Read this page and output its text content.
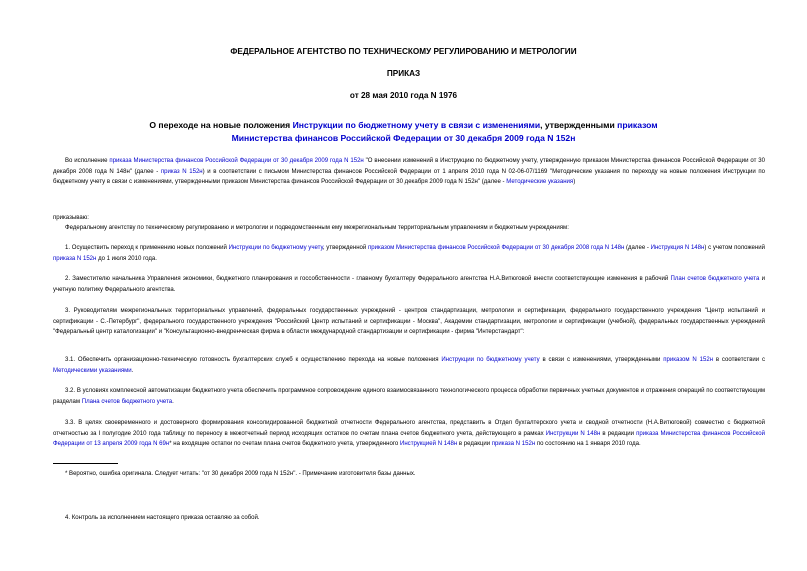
ФЕДЕРАЛЬНОЕ АГЕНТСТВО ПО ТЕХНИЧЕСКОМУ РЕГУЛИРОВАНИЮ И МЕТРОЛОГИИ
ПРИКАЗ
от 28 мая 2010 года N 1976
О переходе на новые положения Инструкции по бюджетному учету в связи с изменениями, утвержденными приказом Министерства финансов Российской Федерации от 30 декабря 2009 года N 152н
Во исполнение приказа Министерства финансов Российской Федерации от 30 декабря 2009 года N 152н "О внесении изменений в Инструкцию по бюджетному учету, утвержденную приказом Министерства финансов Российской Федерации от 30 декабря 2008 года N 148н" (далее - приказ N 152н) и в соответствии с письмом Министерства финансов Российской Федерации от 1 апреля 2010 года N 02-06-07/1169 "Методические указания по переходу на новые положения Инструкции по бюджетному учету в связи с изменениями, утвержденными приказом Министерства финансов Российской Федерации от 30 декабря 2009 года N 152н" (далее - Методические указания)
приказываю:
Федеральному агентству по техническому регулированию и метрологии и подведомственным ему межрегиональным территориальным управлениям и бюджетным учреждениям:
1. Осуществить переход к применению новых положений Инструкции по бюджетному учету, утвержденной приказом Министерства финансов Российской Федерации от 30 декабря 2008 года N 148н (далее - Инструкция N 148н) с учетом положений приказа N 152н до 1 июля 2010 года.
2. Заместителю начальника Управления экономики, бюджетного планирования и госсобственности - главному бухгалтеру Федерального агентства Н.А.Витюговой внести соответствующие изменения в рабочий План счетов бюджетного учета и учетную политику Федерального агентства.
3. Руководителям межрегиональных территориальных управлений, федеральных государственных учреждений - центров стандартизации, метрологии и сертификации, федерального государственного учреждения "Центр испытаний и сертификации - С.-Петербург", федерального государственного учреждения "Российский Центр испытаний и сертификации - Москва", Академии стандартизации, метрологии и сертификации (учебной), федеральных государственных учреждений "Федеральный центр каталогизации" и "Консультационно-внедренческая фирма в области международной стандартизации и сертификации - фирма "Интерстандарт":
3.1. Обеспечить организационно-техническую готовность бухгалтерских служб к осуществлению перехода на новые положения Инструкции по бюджетному учету в связи с изменениями, утвержденными приказом N 152н в соответствии с Методическими указаниями.
3.2. В условиях комплексной автоматизации бюджетного учета обеспечить программное сопровождение единого взаимосвязанного технологического процесса обработки первичных учетных документов и отражения операций по соответствующим разделам Плана счетов бюджетного учета.
3.3. В целях своевременного и достоверного формирования консолидированной бюджетной отчетности Федерального агентства, представить в Отдел бухгалтерского учета и сводной отчетности (Н.А.Витюговой) совместно с бюджетной отчетностью за I полугодие 2010 года таблицу по переносу в межотчетный период исходящих остатков по счетам плана счетов бюджетного учета, действующего в рамках Инструкции N 148н в редакции приказа Министерства финансов Российской Федерации от 13 апреля 2009 года N 69н* на входящие остатки по счетам плана счетов бюджетного учета, утвержденного Инструкцией N 148н в редакции приказа N 152н по состоянию на 1 января 2010 года.
* Вероятно, ошибка оригинала. Следует читать: "от 30 декабря 2009 года N 152н". - Примечание изготовителя базы данных.
4. Контроль за исполнением настоящего приказа оставляю за собой.
